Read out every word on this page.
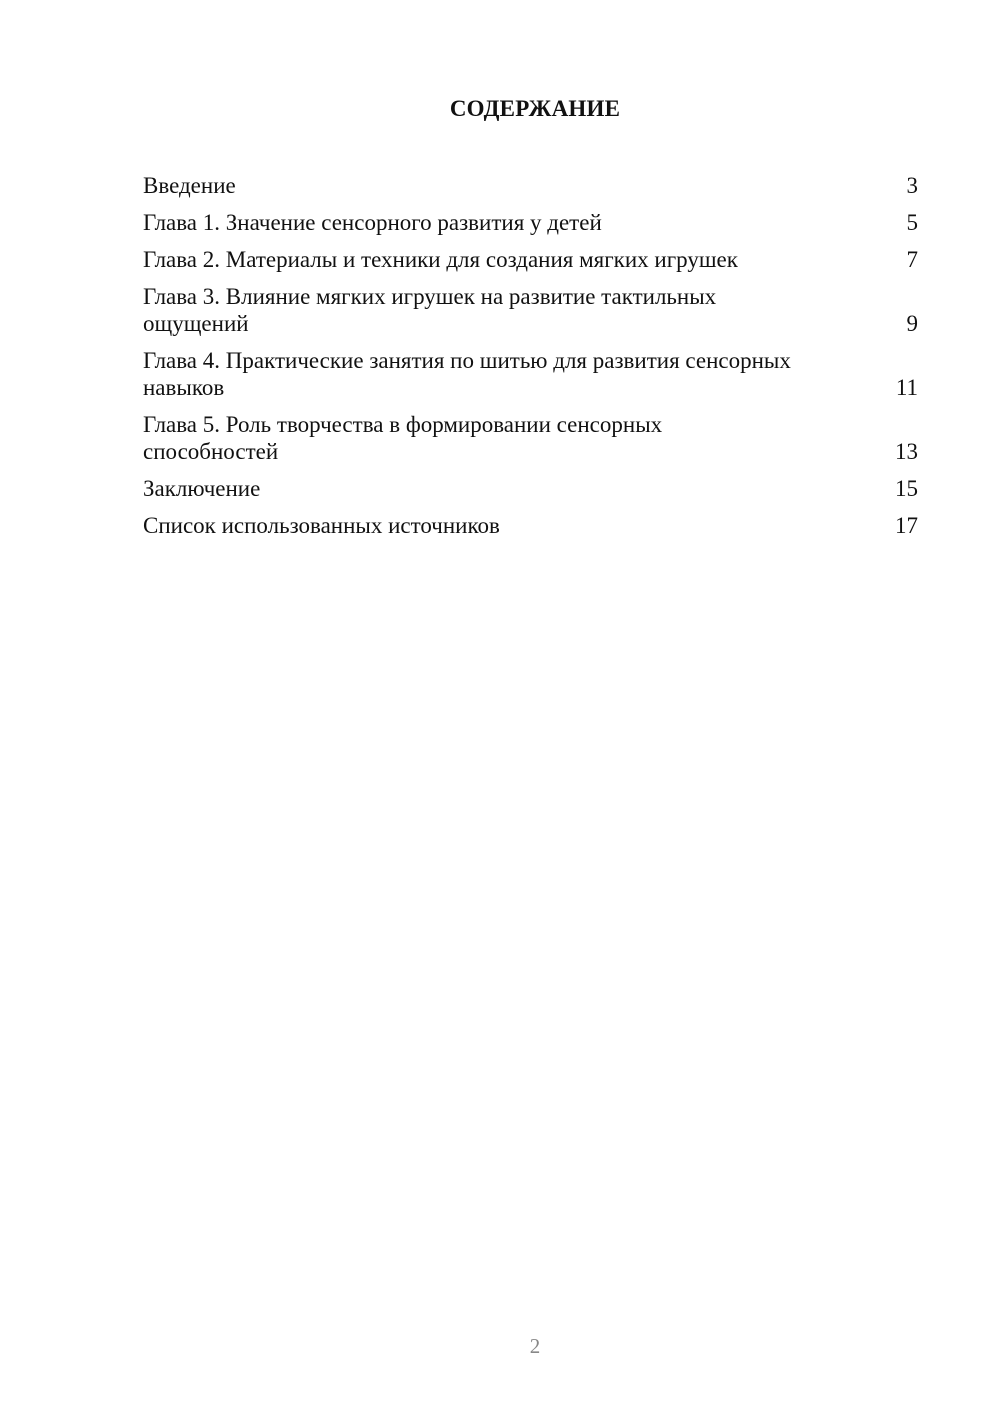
СОДЕРЖАНИЕ
Введение	3
Глава 1. Значение сенсорного развития у детей	5
Глава 2. Материалы и техники для создания мягких игрушек	7
Глава 3. Влияние мягких игрушек на развитие тактильных ощущений	9
Глава 4. Практические занятия по шитью для развития сенсорных навыков	11
Глава 5. Роль творчества в формировании сенсорных способностей	13
Заключение	15
Список использованных источников	17
2
